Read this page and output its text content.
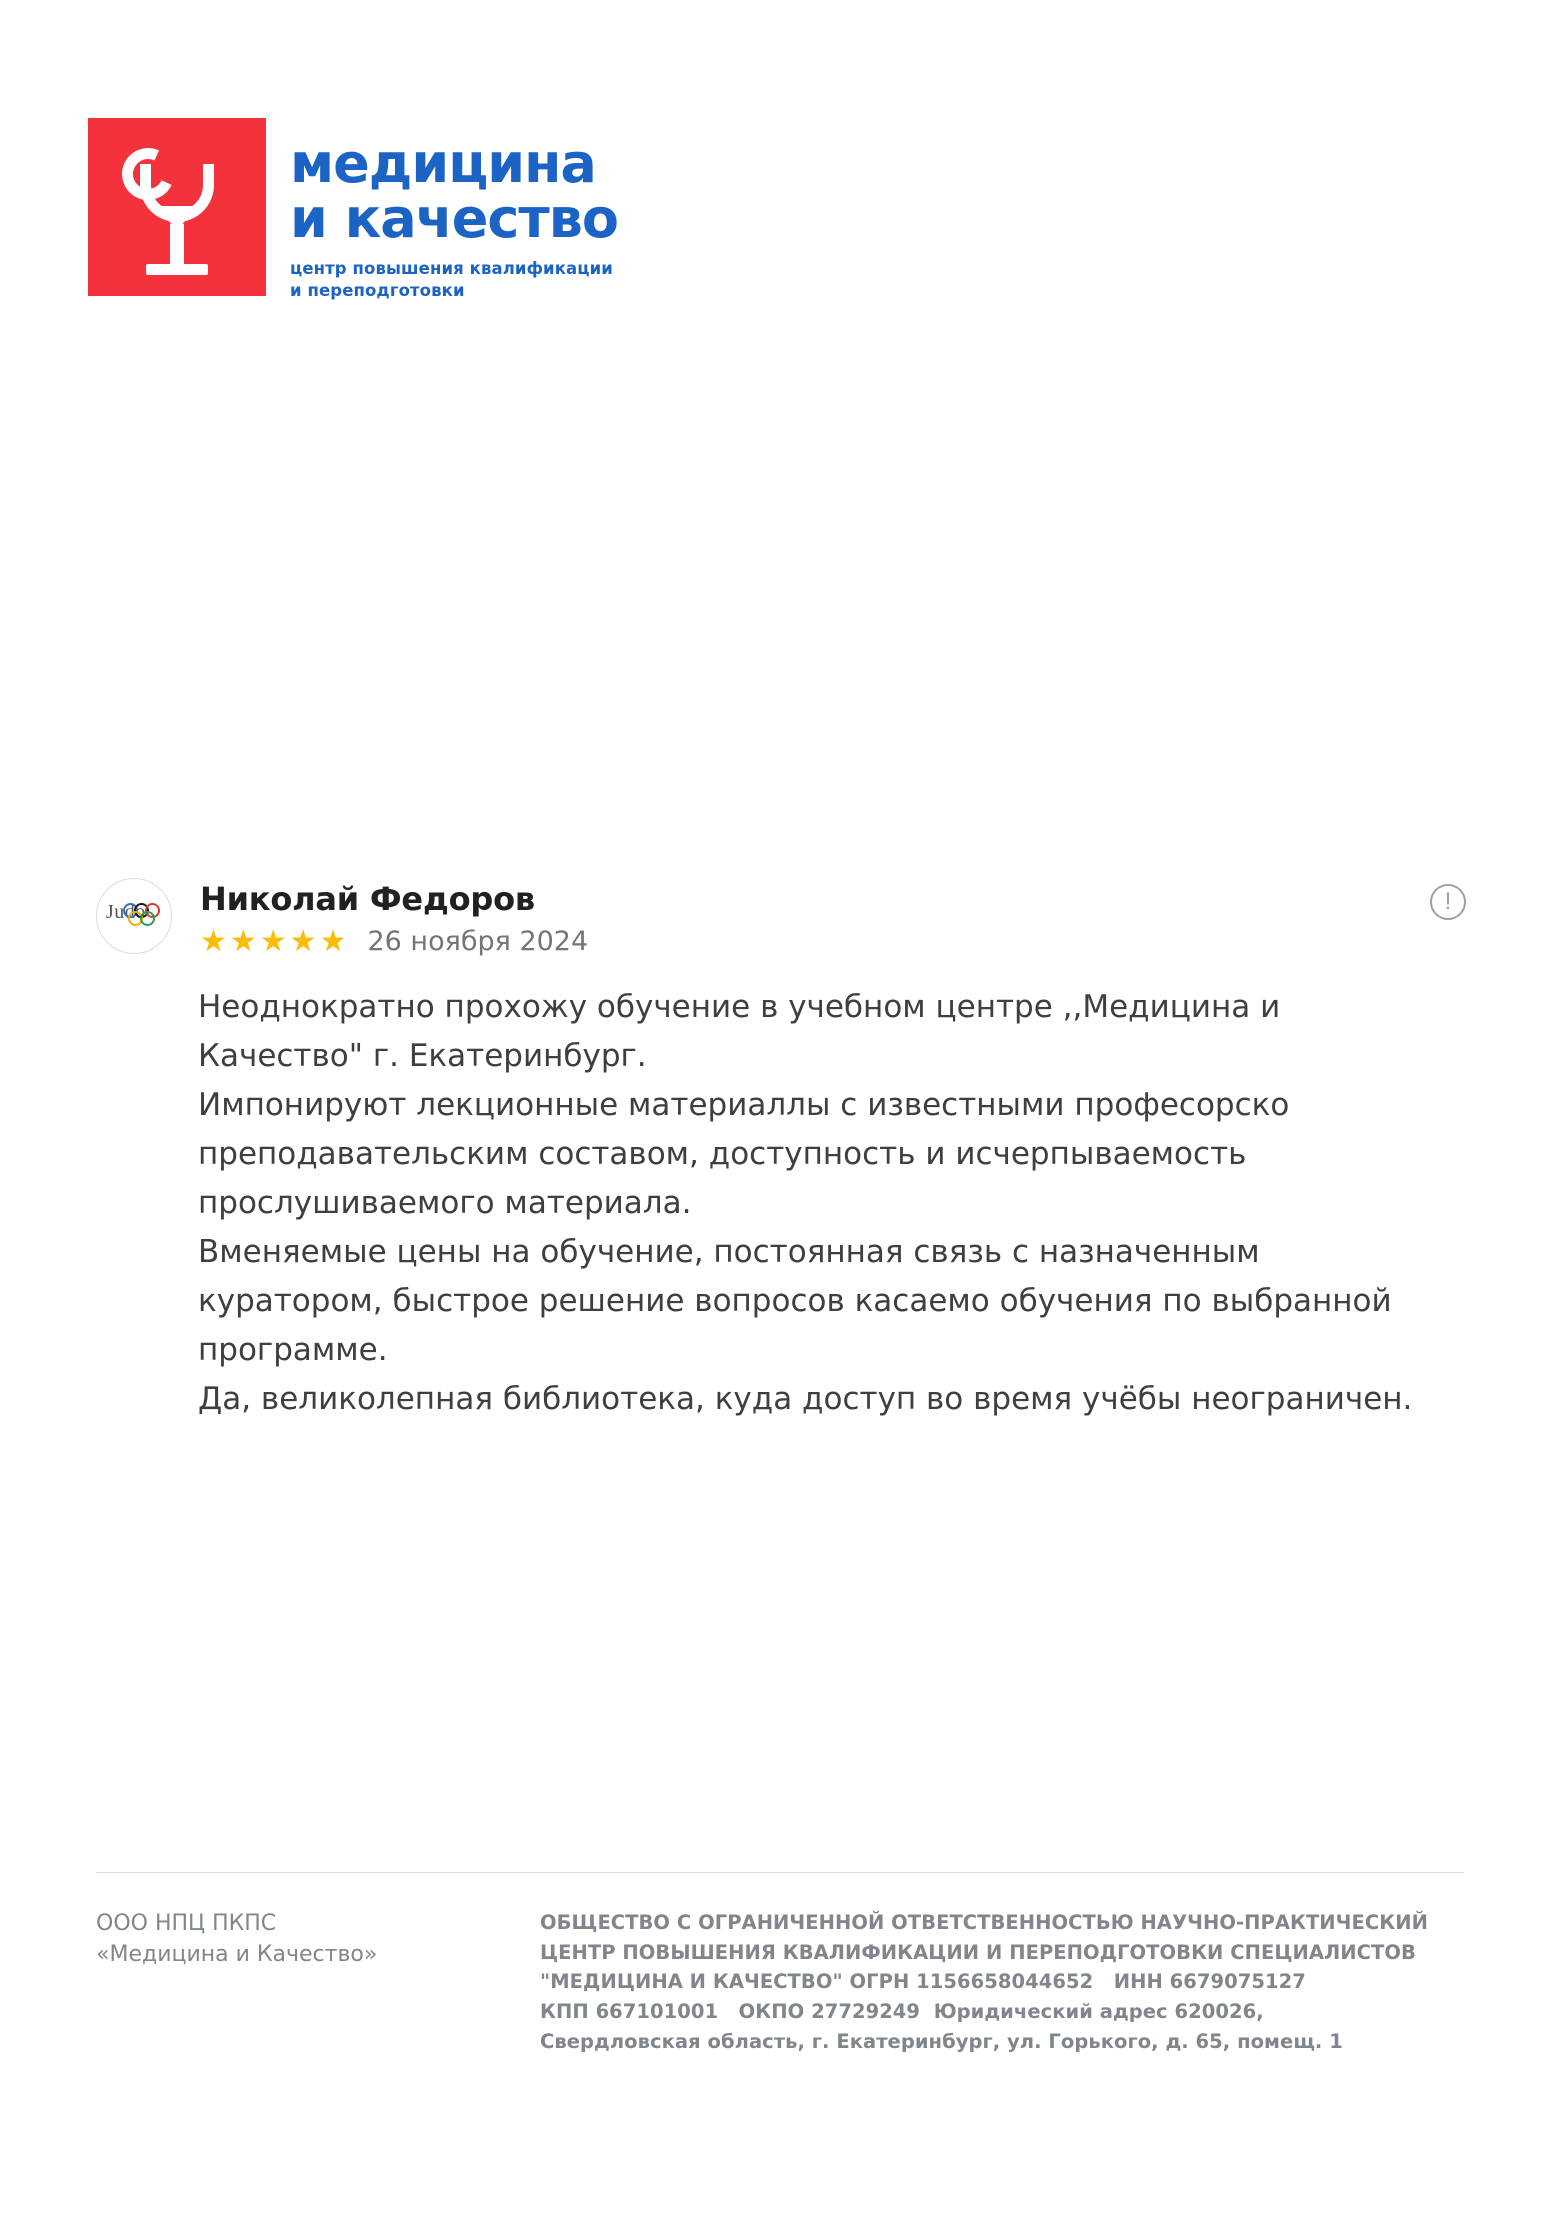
медицина
и качество
центр повышения квалификации
и переподготовки
Judo Николай Федоров
★★★★★ 26 ноября 2024
!

Неоднократно прохожу обучение в учебном центре ,,Медицина и Качество" г. Екатеринбург.

Импонируют лекционные материаллы с известными професорско преподавательским составом, доступность и исчерпываемость прослушиваемого материала.

Вменяемые цены на обучение, постоянная связь с назначенным куратором, быстрое решение вопросов касаемо обучения по выбранной программе.

Да, великолепная библиотека, куда доступ во время учёбы неограничен.

ООО НПЦ ПКПС
«Медицина и Качество»
ОБЩЕСТВО С ОГРАНИЧЕННОЙ ОТВЕТСТВЕННОСТЬЮ НАУЧНО-ПРАКТИЧЕСКИЙ
ЦЕНТР ПОВЫШЕНИЯ КВАЛИФИКАЦИИ И ПЕРЕПОДГОТОВКИ СПЕЦИАЛИСТОВ
"МЕДИЦИНА И КАЧЕСТВО" ОГРН 1156658044652   ИНН 6679075127
КПП 667101001   ОКПО 27729249  Юридический адрес 620026,
Свердловская область, г. Екатеринбург, ул. Горького, д. 65, помещ. 1
